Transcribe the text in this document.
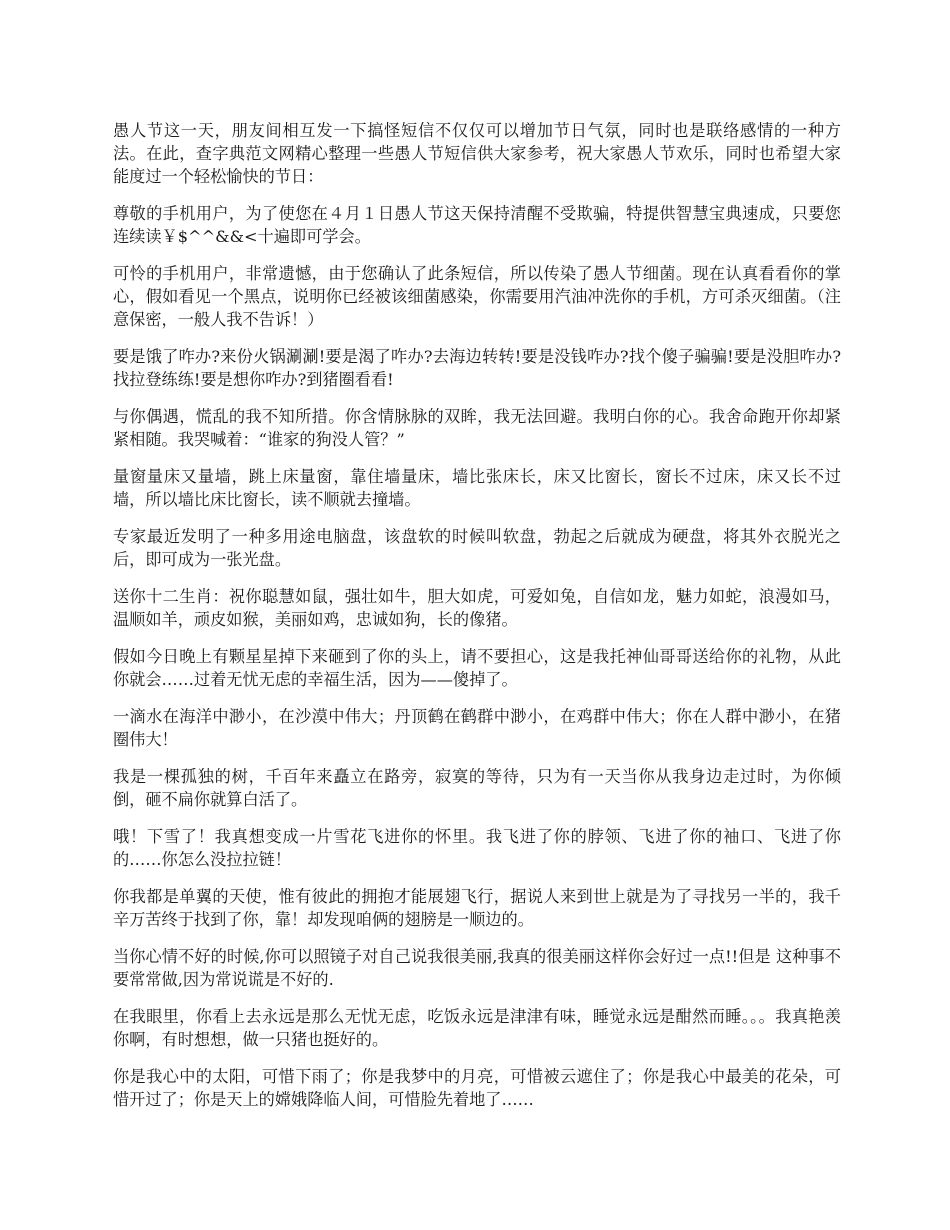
愚人节这一天，朋友间相互发一下搞怪短信不仅仅可以增加节日气氛，同时也是联络感情的一种方法。在此，查字典范文网精心整理一些愚人节短信供大家参考，祝大家愚人节欢乐，同时也希望大家能度过一个轻松愉快的节日：

尊敬的手机用户，为了使您在４月１日愚人节这天保持清醒不受欺骗，特提供智慧宝典速成，只要您连续读￥$^^&&<十遍即可学会。

可怜的手机用户，非常遗憾，由于您确认了此条短信，所以传染了愚人节细菌。现在认真看看你的掌心，假如看见一个黑点，说明你已经被该细菌感染，你需要用汽油冲洗你的手机，方可杀灭细菌。（注意保密，一般人我不告诉！）

要是饿了咋办?来份火锅涮涮!要是渴了咋办?去海边转转!要是没钱咋办?找个傻子骗骗!要是没胆咋办?找拉登练练!要是想你咋办?到猪圈看看!

与你偶遇，慌乱的我不知所措。你含情脉脉的双眸，我无法回避。我明白你的心。我舍命跑开你却紧紧相随。我哭喊着：“谁家的狗没人管？”

量窗量床又量墙，跳上床量窗，靠住墙量床，墙比张床长，床又比窗长，窗长不过床，床又长不过墙，所以墙比床比窗长，读不顺就去撞墙。

专家最近发明了一种多用途电脑盘，该盘软的时候叫软盘，勃起之后就成为硬盘，将其外衣脱光之后，即可成为一张光盘。

送你十二生肖：祝你聪慧如鼠，强壮如牛，胆大如虎，可爱如兔，自信如龙，魅力如蛇，浪漫如马，温顺如羊，顽皮如猴，美丽如鸡，忠诚如狗，长的像猪。

假如今日晚上有颗星星掉下来砸到了你的头上，请不要担心，这是我托神仙哥哥送给你的礼物，从此你就会……过着无忧无虑的幸福生活，因为——傻掉了。

一滴水在海洋中渺小，在沙漠中伟大；丹顶鹤在鹤群中渺小，在鸡群中伟大；你在人群中渺小，在猪圈伟大！

我是一棵孤独的树，千百年来矗立在路旁，寂寞的等待，只为有一天当你从我身边走过时，为你倾倒，砸不扁你就算白活了。

哦！下雪了！我真想变成一片雪花飞进你的怀里。我飞进了你的脖领、飞进了你的袖口、飞进了你的……你怎么没拉拉链！

你我都是单翼的天使，惟有彼此的拥抱才能展翅飞行，据说人来到世上就是为了寻找另一半的，我千辛万苦终于找到了你，靠！却发现咱俩的翅膀是一顺边的。

当你心情不好的时候,你可以照镜子对自己说我很美丽,我真的很美丽这样你会好过一点!!但是 这种事不要常常做,因为常说谎是不好的.

在我眼里，你看上去永远是那么无忧无虑，吃饭永远是津津有味，睡觉永远是酣然而睡。。。我真艳羡你啊，有时想想，做一只猪也挺好的。

你是我心中的太阳，可惜下雨了；你是我梦中的月亮，可惜被云遮住了；你是我心中最美的花朵，可惜开过了；你是天上的嫦娥降临人间，可惜脸先着地了……
